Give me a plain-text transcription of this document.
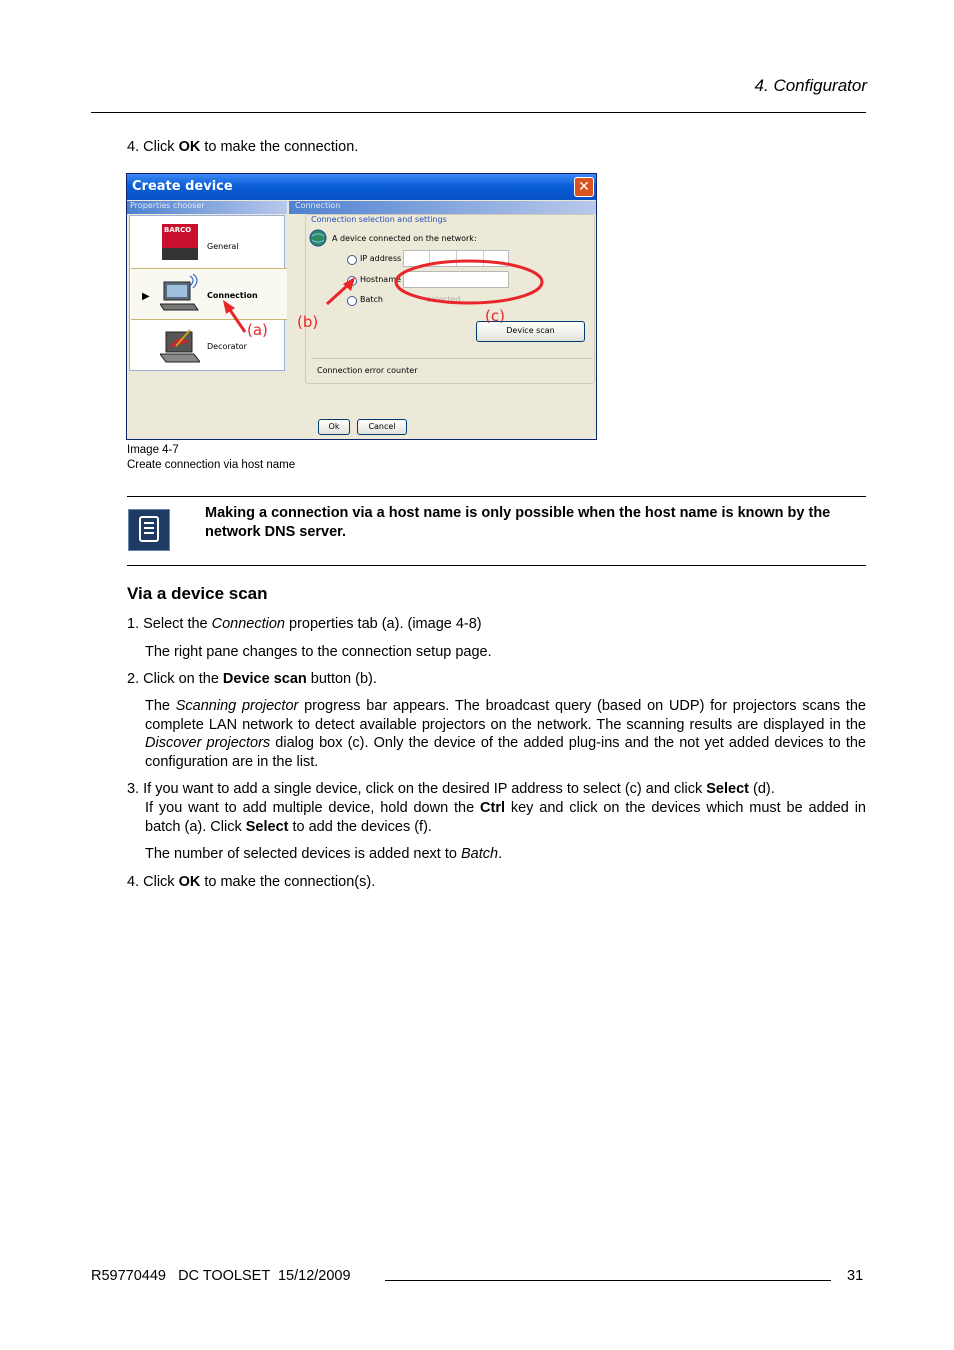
4. Configurator
4. Click OK to make the connection.
Create device	✕
Properties chooser
BARCO
General
▶	Connection
Decorator
Connection
Connection selection and settings
A device connected on the network:
IP address
Hostname
Batch	selected
Device scan
Connection error counter
Ok	Cancel
(a) (b)	(c)
Image 4-7
Create connection via host name
Making a connection via a host name is only possible when the host name is known by the network DNS server.
Via a device scan
1. Select the Connection properties tab (a). (image 4-8)
The right pane changes to the connection setup page.
2. Click on the Device scan button (b).
The Scanning projector progress bar appears. The broadcast query (based on UDP) for projectors scans the complete LAN network to detect available projectors on the network. The scanning results are displayed in the Discover projectors dialog box (c). Only the device of the added plug-ins and the not yet added devices to the configuration are in the list.
3. If you want to add a single device, click on the desired IP address to select (c) and click Select (d).
If you want to add multiple device, hold down the Ctrl key and click on the devices which must be added in batch (a). Click Select to add the devices (f).
The number of selected devices is added next to Batch.
4. Click OK to make the connection(s).
R59770449   DC TOOLSET  15/12/2009	31
